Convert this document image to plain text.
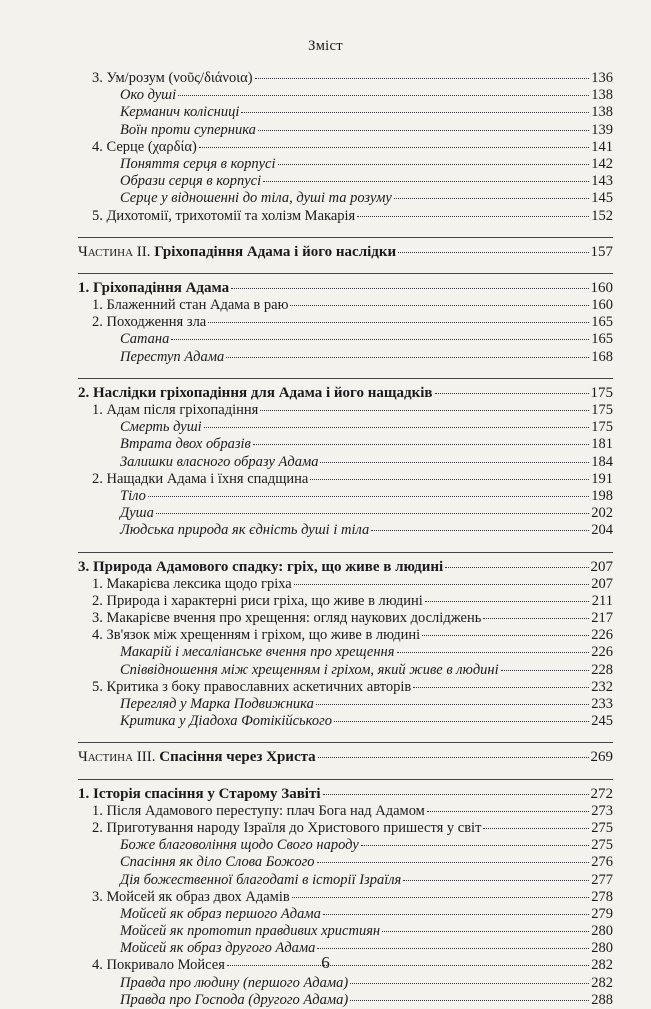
Зміст
3. Ум/розум (νοῦς/διάνοια)	136
Око душі	138
Керманич колісниці	138
Воїн проти суперника	139
4. Серце (χαρδία)	141
Поняття серця в корпусі	142
Образи серця в корпусі	143
Серце у відношенні до тіла, душі та розуму	145
5. Дихотомії, трихотомії та холізм Макарія	152
Частина II. Гріхопадіння Адама і його наслідки	157
1. Гріхопадіння Адама	160
1. Блаженний стан Адама в раю	160
2. Походження зла	165
Сатана	165
Переступ Адама	168
2. Наслідки гріхопадіння для Адама і його нащадків	175
1. Адам після гріхопадіння	175
Смерть душі	175
Втрата двох образів	181
Залишки власного образу Адама	184
2. Нащадки Адама і їхня спадщина	191
Тіло	198
Душа	202
Людська природа як єдність душі і тіла	204
3. Природа Адамового спадку: гріх, що живе в людині	207
1. Макарієва лексика щодо гріха	207
2. Природа і характерні риси гріха, що живе в людині	211
3. Макарієве вчення про хрещення: огляд наукових досліджень	217
4. Зв'язок між хрещенням і гріхом, що живе в людині	226
Макарій і месаліанське вчення про хрещення	226
Співвідношення між хрещенням і гріхом, який живе в людині	228
5. Критика з боку православних аскетичних авторів	232
Перегляд у Марка Подвижника	233
Критика у Діадоха Фотікійського	245
Частина III. Спасіння через Христа	269
1. Історія спасіння у Старому Завіті	272
1. Після Адамового переступу: плач Бога над Адамом	273
2. Приготування народу Ізраїля до Христового пришестя у світ	275
Боже благовоління щодо Свого народу	275
Спасіння як діло Слова Божого	276
Дія божественної благодаті в історії Ізраїля	277
3. Мойсей як образ двох Адамів	278
Мойсей як образ першого Адама	279
Мойсей як прототип правдивих християн	280
Мойсей як образ другого Адама	280
4. Покривало Мойсея	282
Правда про людину (першого Адама)	282
Правда про Господа (другого Адама)	288
6
